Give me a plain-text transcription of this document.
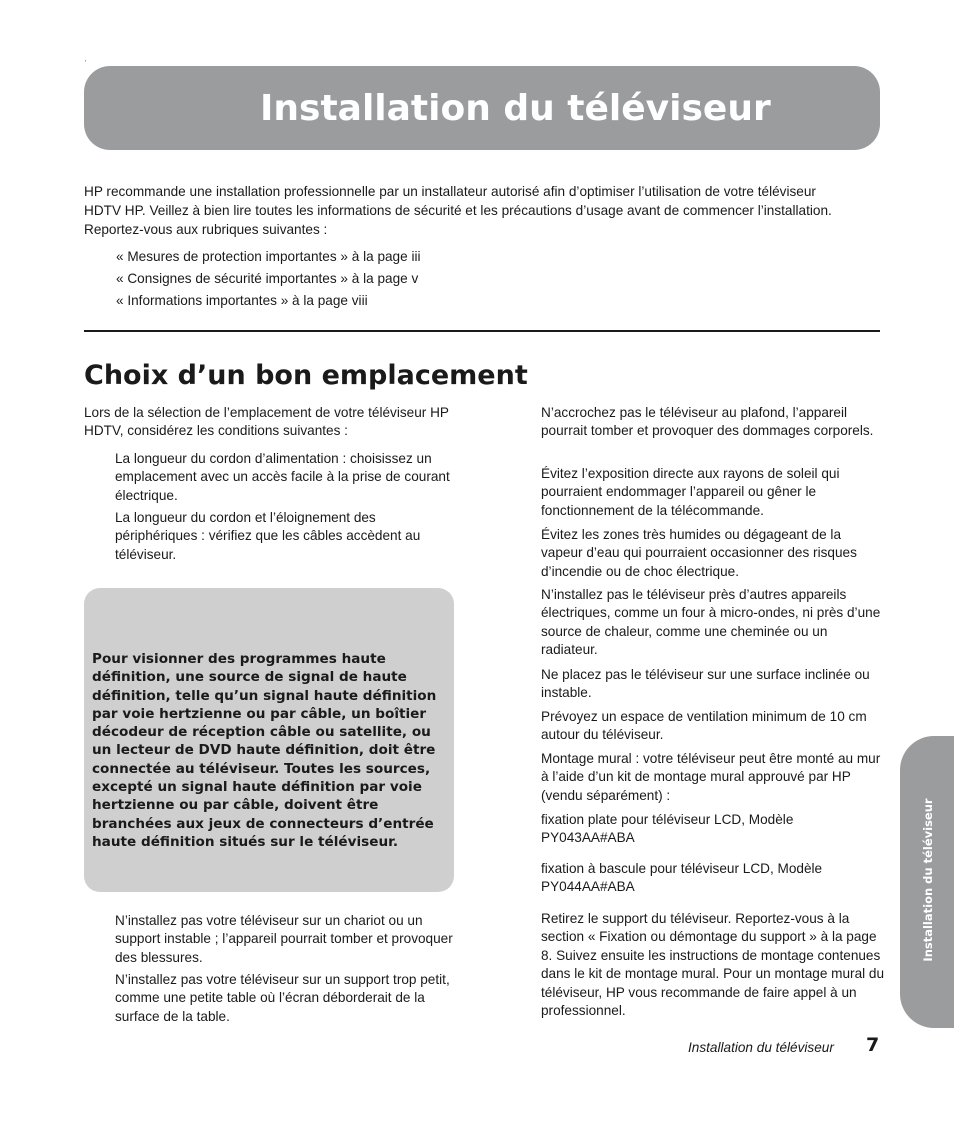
'
Installation du téléviseur

HP recommande une installation professionnelle par un installateur autorisé afin d’optimiser l’utilisation de votre téléviseur HDTV HP. Veillez à bien lire toutes les informations de sécurité et les précautions d’usage avant de commencer l’installation. Reportez-vous aux rubriques suivantes :

« Mesures de protection importantes » à la page iii

« Consignes de sécurité importantes » à la page v

« Informations importantes » à la page viii

Choix d’un bon emplacement

Lors de la sélection de l’emplacement de votre téléviseur HP HDTV, considérez les conditions suivantes :

La longueur du cordon d’alimentation : choisissez un emplacement avec un accès facile à la prise de courant électrique.

La longueur du cordon et l’éloignement des périphériques : vérifiez que les câbles accèdent au téléviseur.

Pour visionner des programmes haute définition, une source de signal de haute définition, telle qu’un signal haute définition par voie hertzienne ou par câble, un boîtier décodeur de réception câble ou satellite, ou un lecteur de DVD haute définition, doit être connectée au téléviseur. Toutes les sources, excepté un signal haute définition par voie hertzienne ou par câble, doivent être branchées aux jeux de connecteurs d’entrée haute définition situés sur le téléviseur.

N’installez pas votre téléviseur sur un chariot ou un support instable ; l’appareil pourrait tomber et provoquer des blessures.

N’installez pas votre téléviseur sur un support trop petit, comme une petite table où l’écran déborderait de la surface de la table.

N’accrochez pas le téléviseur au plafond, l’appareil pourrait tomber et provoquer des dommages corporels.

Évitez l’exposition directe aux rayons de soleil qui pourraient endommager l’appareil ou gêner le fonctionnement de la télécommande.

Évitez les zones très humides ou dégageant de la vapeur d’eau qui pourraient occasionner des risques d’incendie ou de choc électrique.

N’installez pas le téléviseur près d’autres appareils électriques, comme un four à micro-ondes, ni près d’une source de chaleur, comme une cheminée ou un radiateur.

Ne placez pas le téléviseur sur une surface inclinée ou instable.

Prévoyez un espace de ventilation minimum de 10 cm autour du téléviseur.

Montage mural : votre téléviseur peut être monté au mur à l’aide d’un kit de montage mural approuvé par HP (vendu séparément) :

fixation plate pour téléviseur LCD, Modèle PY043AA#ABA

fixation à bascule pour téléviseur LCD, Modèle PY044AA#ABA

Retirez le support du téléviseur. Reportez-vous à la section « Fixation ou démontage du support » à la page 8. Suivez ensuite les instructions de montage contenues dans le kit de montage mural. Pour un montage mural du téléviseur, HP vous recommande de faire appel à un professionnel.

Installation du téléviseur
Installation du téléviseur 7
